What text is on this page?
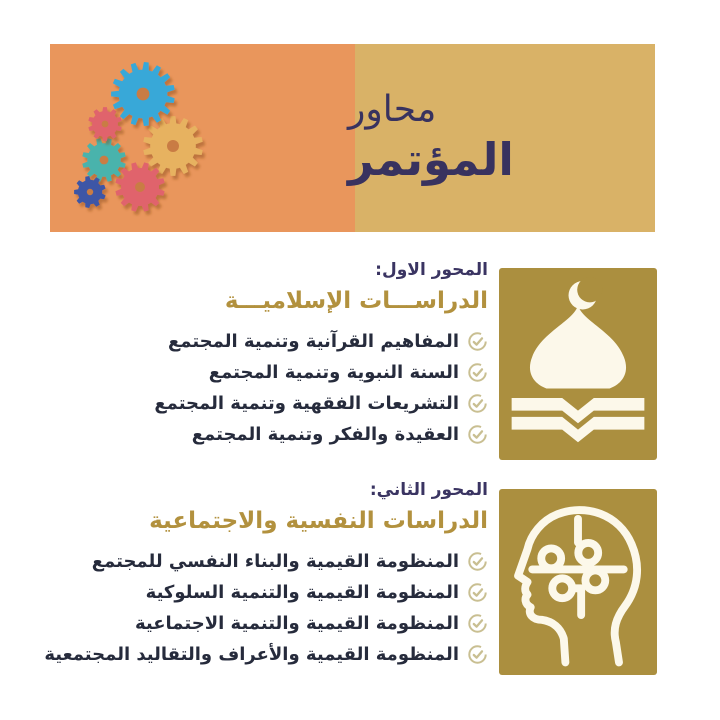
محاور
المؤتمر
المحور الاول:
الدراســـات الإسلاميـــة
المفاهيم القرآنية وتنمية المجتمع
السنة النبوية وتنمية المجتمع
التشريعات الفقهية وتنمية المجتمع
العقيدة والفكر وتنمية المجتمع
المحور الثاني:
الدراسات النفسية والاجتماعية
المنظومة القيمية والبناء النفسي للمجتمع
المنظومة القيمية والتنمية السلوكية
المنظومة القيمية والتنمية الاجتماعية
المنظومة القيمية والأعراف والتقاليد المجتمعية
